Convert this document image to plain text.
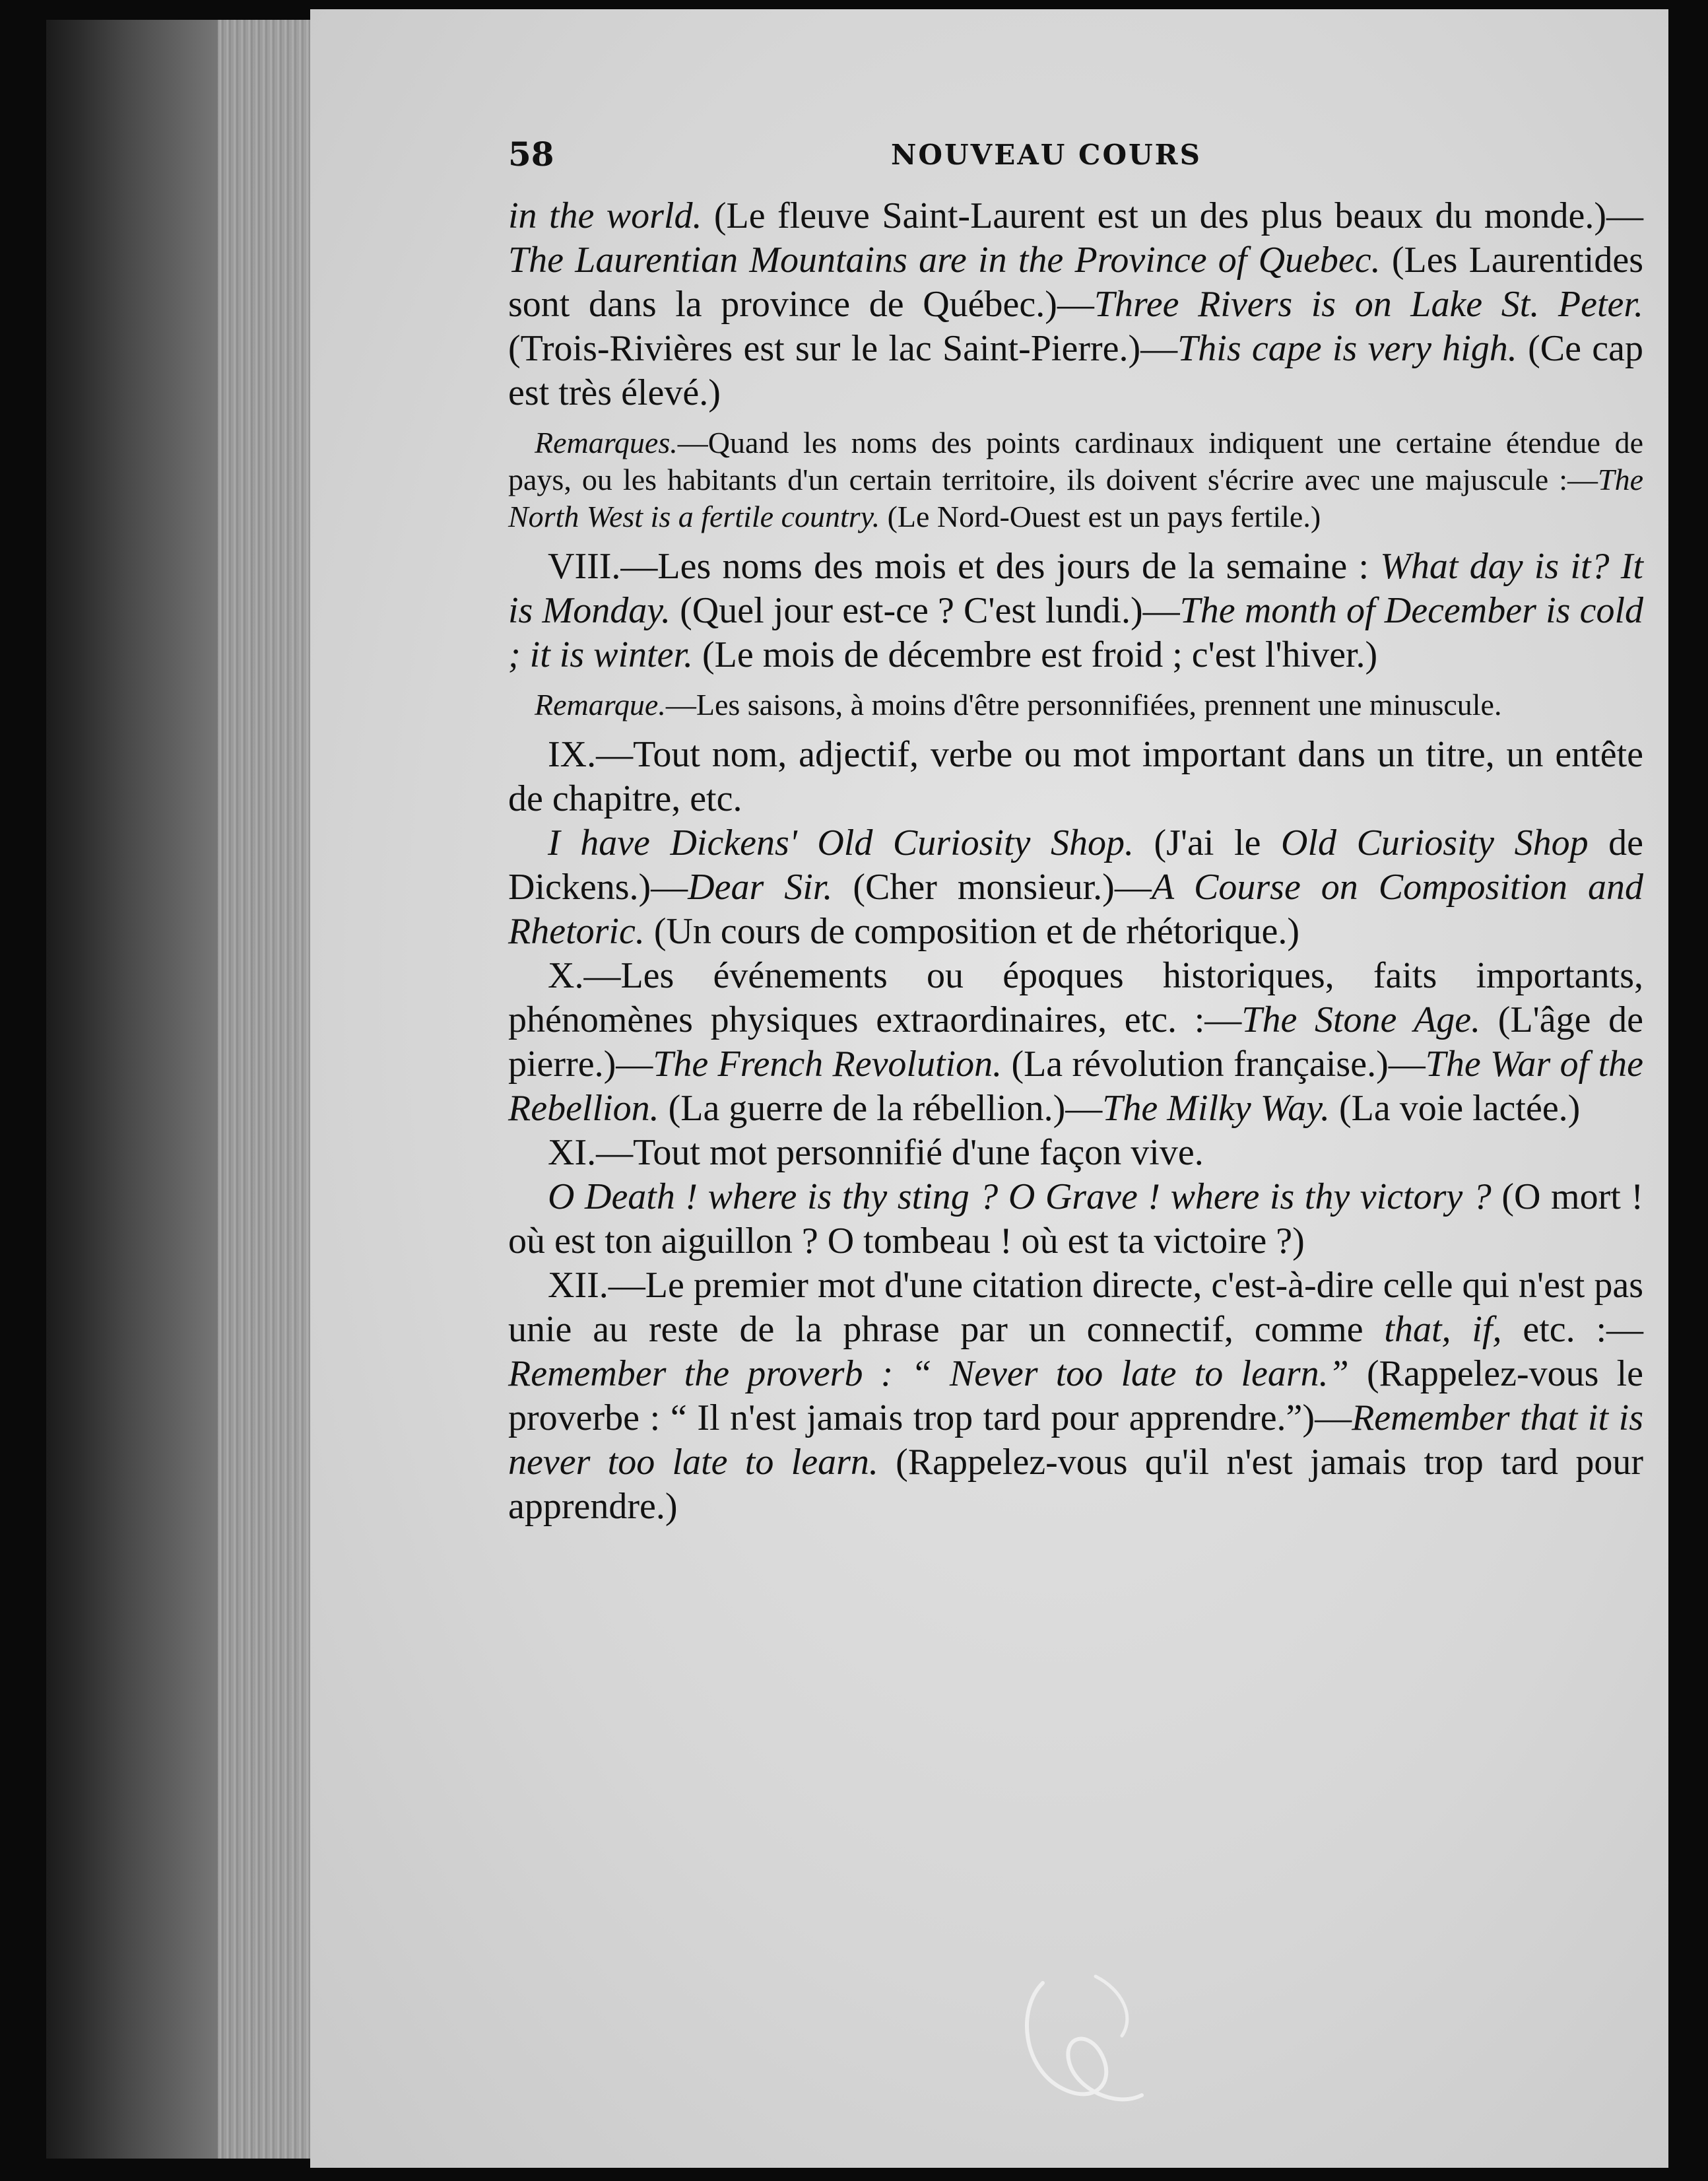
58	NOUVEAU COURS

in the world. (Le fleuve Saint-Laurent est un des plus beaux du monde.)—The Laurentian Mountains are in the Province of Quebec. (Les Laurentides sont dans la province de Québec.)—Three Rivers is on Lake St. Peter. (Trois-Rivières est sur le lac Saint-Pierre.)—This cape is very high. (Ce cap est très élevé.)

Remarques.—Quand les noms des points cardinaux indiquent une certaine étendue de pays, ou les habitants d'un certain territoire, ils doivent s'écrire avec une majuscule :—The North West is a fertile country. (Le Nord-Ouest est un pays fertile.)

VIII.—Les noms des mois et des jours de la semaine : What day is it? It is Monday. (Quel jour est-ce ? C'est lundi.)—The month of December is cold ; it is winter. (Le mois de décembre est froid ; c'est l'hiver.)

Remarque.—Les saisons, à moins d'être personnifiées, prennent une minuscule.

IX.—Tout nom, adjectif, verbe ou mot important dans un titre, un entête de chapitre, etc.

I have Dickens' Old Curiosity Shop. (J'ai le Old Curiosity Shop de Dickens.)—Dear Sir. (Cher monsieur.)—A Course on Composition and Rhetoric. (Un cours de composition et de rhétorique.)

X.—Les événements ou époques historiques, faits importants, phénomènes physiques extraordinaires, etc. :—The Stone Age. (L'âge de pierre.)—The French Revolution. (La révolution française.)—The War of the Rebellion. (La guerre de la rébellion.)—The Milky Way. (La voie lactée.)

XI.—Tout mot personnifié d'une façon vive.

O Death ! where is thy sting ? O Grave ! where is thy victory ? (O mort ! où est ton aiguillon ? O tombeau ! où est ta victoire ?)

XII.—Le premier mot d'une citation directe, c'est-à-dire celle qui n'est pas unie au reste de la phrase par un connectif, comme that, if, etc. :—Remember the proverb : “ Never too late to learn.” (Rappelez-vous le proverbe : “ Il n'est jamais trop tard pour apprendre.”)—Remember that it is never too late to learn. (Rappelez-vous qu'il n'est jamais trop tard pour apprendre.)
